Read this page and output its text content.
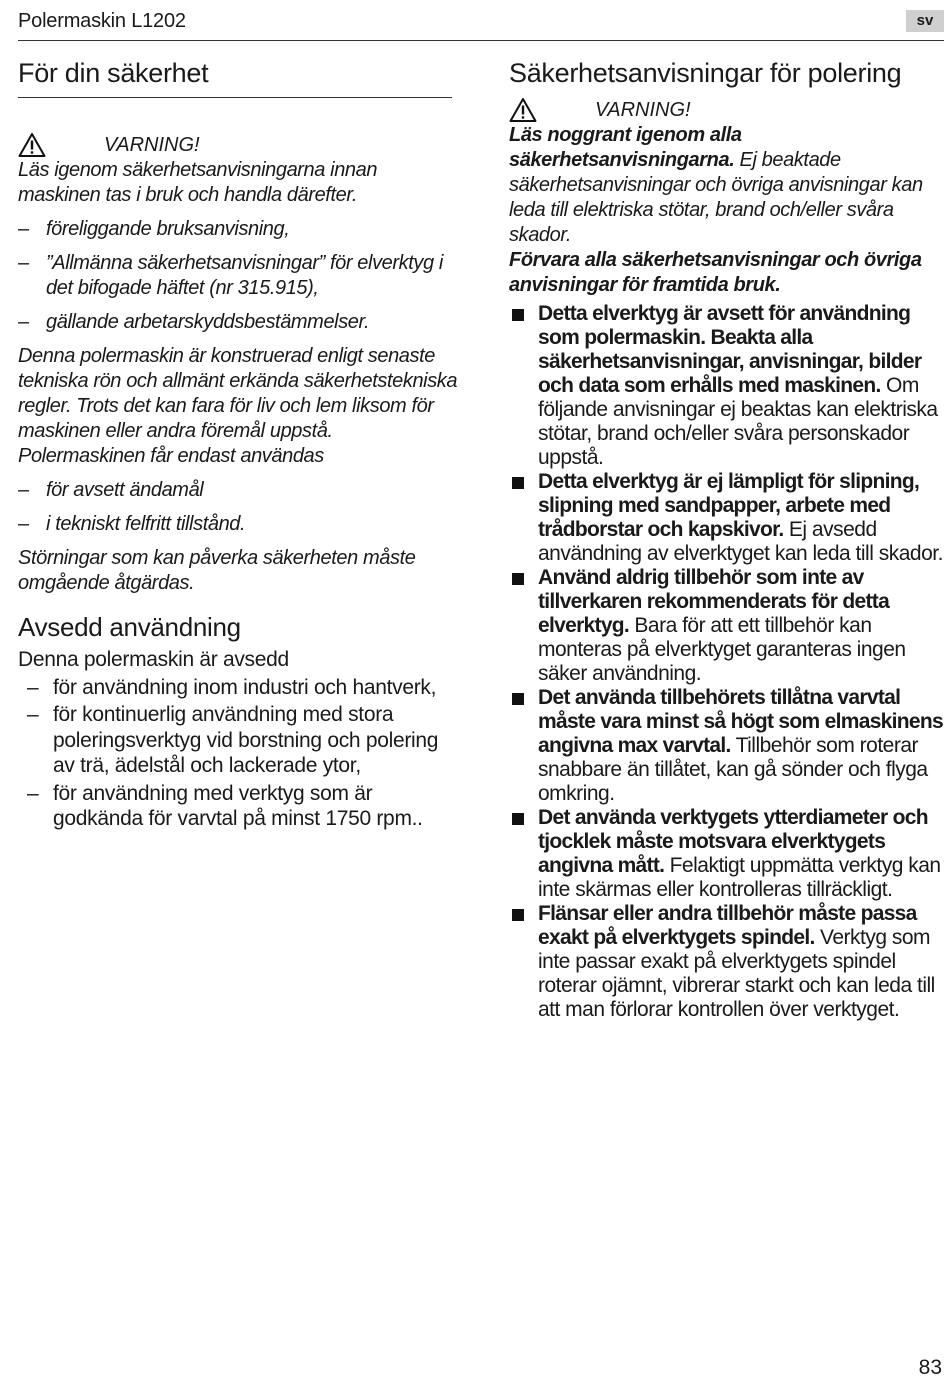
Polermaskin L1202	sv
För din säkerhet
VARNING!
Läs igenom säkerhetsanvisningarna innan maskinen tas i bruk och handla därefter.
– föreliggande bruksanvisning,
– ”Allmänna säkerhetsanvisningar” för elverktyg i det bifogade häftet (nr 315.915),
– gällande arbetarskyddsbestämmelser.
Denna polermaskin är konstruerad enligt senaste tekniska rön och allmänt erkända säkerhetstekniska regler. Trots det kan fara för liv och lem liksom för maskinen eller andra föremål uppstå. Polermaskinen får endast användas
– för avsett ändamål
– i tekniskt felfritt tillstånd.
Störningar som kan påverka säkerheten måste omgående åtgärdas.
Avsedd användning
Denna polermaskin är avsedd
– för användning inom industri och hantverk,
– för kontinuerlig användning med stora poleringsverktyg vid borstning och polering av trä, ädelstål och lackerade ytor,
– för användning med verktyg som är godkända för varvtal på minst 1750 rpm..
Säkerhetsanvisningar för polering
VARNING!
Läs noggrant igenom alla säkerhetsanvisningarna. Ej beaktade säkerhetsanvisningar och övriga anvisningar kan leda till elektriska stötar, brand och/eller svåra skador.
Förvara alla säkerhetsanvisningar och övriga anvisningar för framtida bruk.
Detta elverktyg är avsett för användning som polermaskin. Beakta alla säkerhetsanvisningar, anvisningar, bilder och data som erhålls med maskinen. Om följande anvisningar ej beaktas kan elektriska stötar, brand och/eller svåra personskador uppstå.
Detta elverktyg är ej lämpligt för slipning, slipning med sandpapper, arbete med trådborstar och kapskivor. Ej avsedd användning av elverktyget kan leda till skador.
Använd aldrig tillbehör som inte av tillverkaren rekommenderats för detta elverktyg. Bara för att ett tillbehör kan monteras på elverktyget garanteras ingen säker användning.
Det använda tillbehörets tillåtna varvtal måste vara minst så högt som elmaskinens angivna max varvtal. Tillbehör som roterar snabbare än tillåtet, kan gå sönder och flyga omkring.
Det använda verktygets ytterdiameter och tjocklek måste motsvara elverktygets angivna mått. Felaktigt uppmätta verktyg kan inte skärmas eller kontrolleras tillräckligt.
Flänsar eller andra tillbehör måste passa exakt på elverktygets spindel. Verktyg som inte passar exakt på elverktygets spindel roterar ojämnt, vibrerar starkt och kan leda till att man förlorar kontrollen över verktyget.
83
